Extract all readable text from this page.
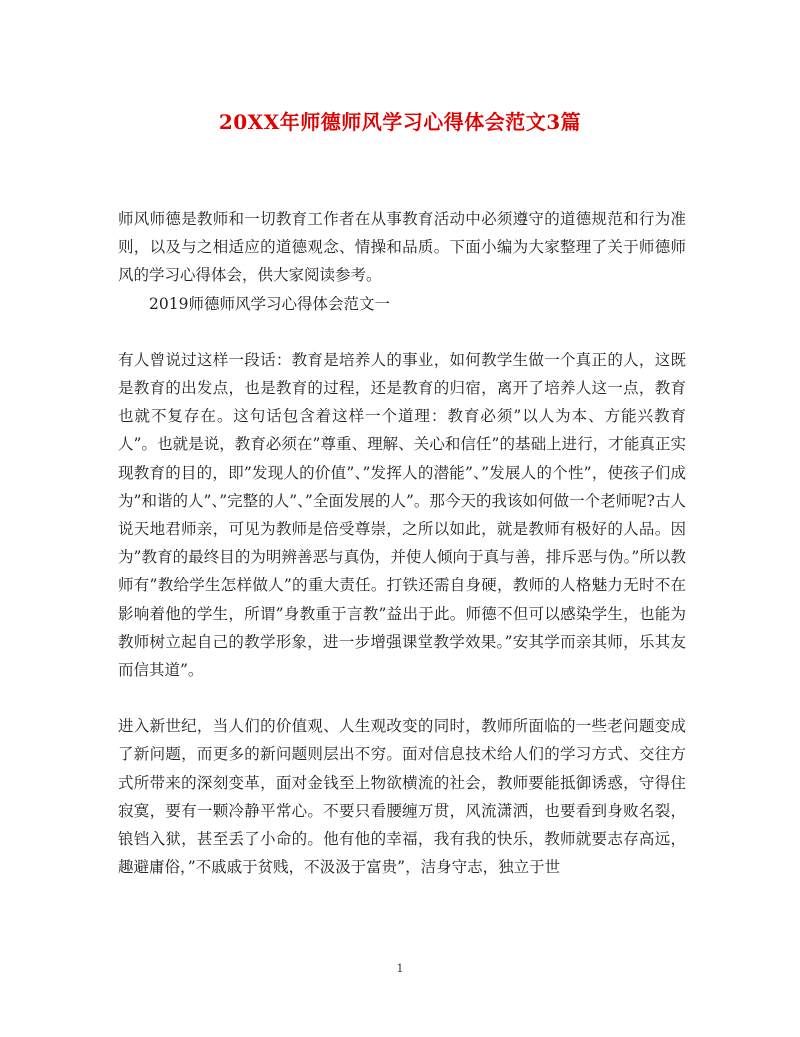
20XX年师德师风学习心得体会范文3篇

师风师德是教师和一切教育工作者在从事教育活动中必须遵守的道德规范和行为准则，以及与之相适应的道德观念、情操和品质。下面小编为大家整理了关于师德师风的学习心得体会，供大家阅读参考。

2019师德师风学习心得体会范文一

有人曾说过这样一段话：教育是培养人的事业，如何教学生做一个真正的人，这既是教育的出发点，也是教育的过程，还是教育的归宿，离开了培养人这一点，教育也就不复存在。这句话包含着这样一个道理：教育必须”以人为本、方能兴教育人”。也就是说，教育必须在”尊重、理解、关心和信任”的基础上进行，才能真正实现教育的目的，即”发现人的价值”、”发挥人的潜能”、”发展人的个性”，使孩子们成为”和谐的人”、”完整的人”、”全面发展的人”。那今天的我该如何做一个老师呢?古人说天地君师亲，可见为教师是倍受尊崇，之所以如此，就是教师有极好的人品。因为”教育的最终目的为明辨善恶与真伪，并使人倾向于真与善，排斥恶与伪。”所以教师有”教给学生怎样做人”的重大责任。打铁还需自身硬，教师的人格魅力无时不在影响着他的学生，所谓”身教重于言教”益出于此。师德不但可以感染学生，也能为教师树立起自己的教学形象，进一步增强课堂教学效果。”安其学而亲其师，乐其友而信其道”。

进入新世纪，当人们的价值观、人生观改变的同时，教师所面临的一些老问题变成了新问题，而更多的新问题则层出不穷。面对信息技术给人们的学习方式、交往方式所带来的深刻变革，面对金钱至上物欲横流的社会，教师要能抵御诱惑，守得住寂寞，要有一颗冷静平常心。不要只看腰缠万贯，风流潇洒，也要看到身败名裂，锒铛入狱，甚至丢了小命的。他有他的幸福，我有我的快乐，教师就要志存高远，趣避庸俗，”不戚戚于贫贱，不汲汲于富贵”，洁身守志，独立于世

1
